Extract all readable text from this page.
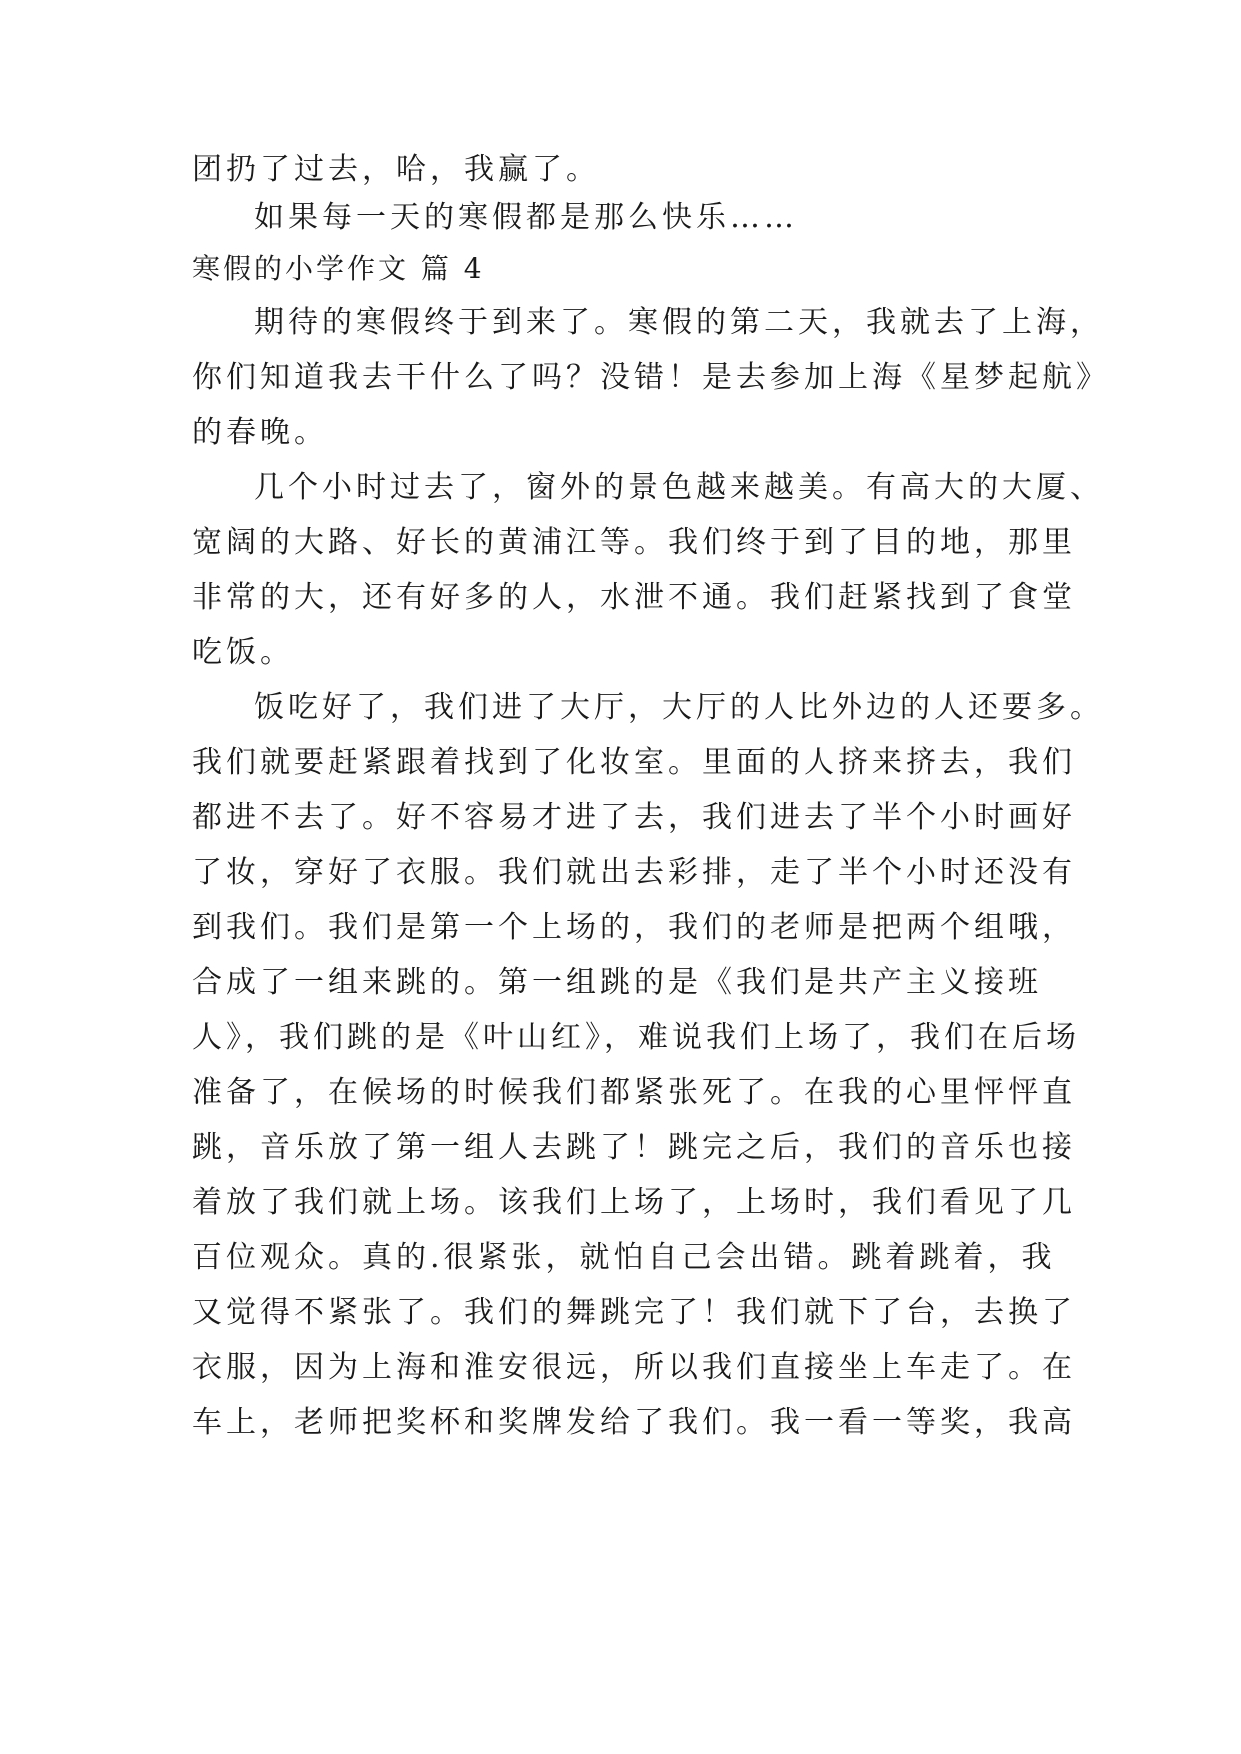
团扔了过去，哈，我赢了。
如果每一天的寒假都是那么快乐……
寒假的小学作文 篇 4
期待的寒假终于到来了。寒假的第二天，我就去了上海，
你们知道我去干什么了吗？没错！是去参加上海《星梦起航》
的春晚。
几个小时过去了，窗外的景色越来越美。有高大的大厦、
宽阔的大路、好长的黄浦江等。我们终于到了目的地，那里
非常的大，还有好多的人，水泄不通。我们赶紧找到了食堂
吃饭。
饭吃好了，我们进了大厅，大厅的人比外边的人还要多。
我们就要赶紧跟着找到了化妆室。里面的人挤来挤去，我们
都进不去了。好不容易才进了去，我们进去了半个小时画好
了妆，穿好了衣服。我们就出去彩排，走了半个小时还没有
到我们。我们是第一个上场的，我们的老师是把两个组哦，
合成了一组来跳的。第一组跳的是《我们是共产主义接班
人》，我们跳的是《叶山红》，难说我们上场了，我们在后场
准备了，在候场的时候我们都紧张死了。在我的心里怦怦直
跳，音乐放了第一组人去跳了！跳完之后，我们的音乐也接
着放了我们就上场。该我们上场了，上场时，我们看见了几
百位观众。真的.很紧张，就怕自己会出错。跳着跳着，我
又觉得不紧张了。我们的舞跳完了！我们就下了台，去换了
衣服，因为上海和淮安很远，所以我们直接坐上车走了。在
车上，老师把奖杯和奖牌发给了我们。我一看一等奖，我高
